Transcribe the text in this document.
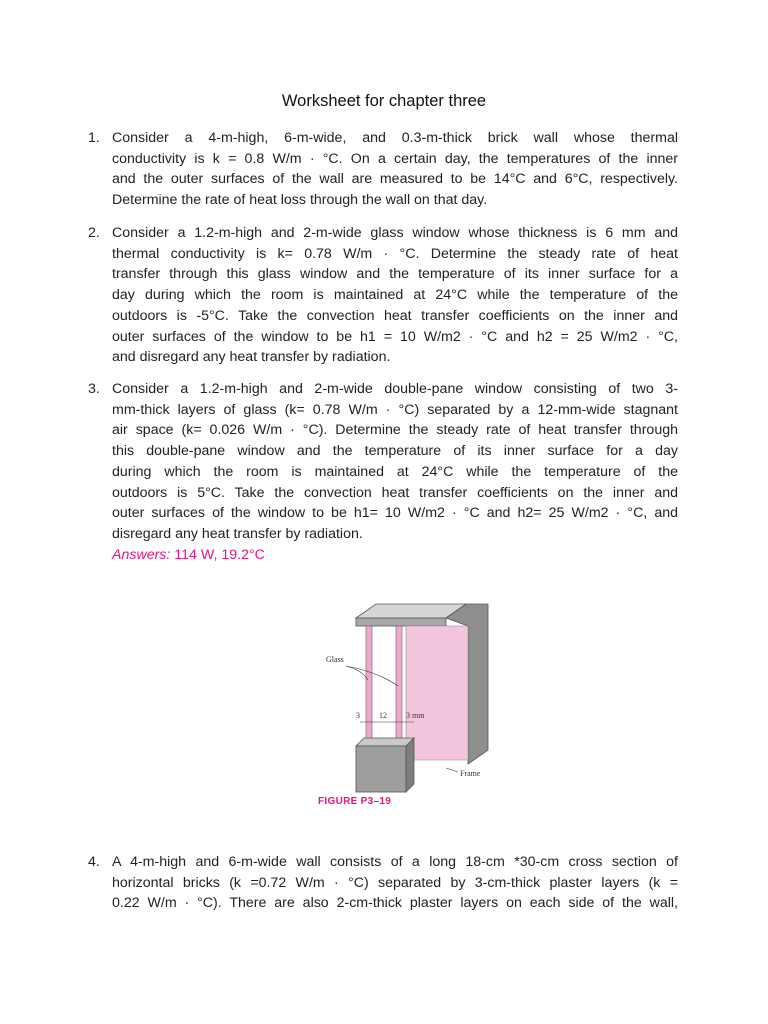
Worksheet for chapter three
1. Consider a 4-m-high, 6-m-wide, and 0.3-m-thick brick wall whose thermal
conductivity is k = 0.8 W/m · °C. On a certain day, the temperatures of the inner
and the outer surfaces of the wall are measured to be 14°C and 6°C, respectively.
Determine the rate of heat loss through the wall on that day.
2. Consider a 1.2-m-high and 2-m-wide glass window whose thickness is 6 mm and
thermal conductivity is k= 0.78 W/m · °C. Determine the steady rate of heat
transfer through this glass window and the temperature of its inner surface for a
day during which the room is maintained at 24°C while the temperature of the
outdoors is -5°C. Take the convection heat transfer coefficients on the inner and
outer surfaces of the window to be h1 = 10 W/m2 · °C and h2 = 25 W/m2 · °C,
and disregard any heat transfer by radiation.
3. Consider a 1.2-m-high and 2-m-wide double-pane window consisting of two 3-
mm-thick layers of glass (k= 0.78 W/m · °C) separated by a 12-mm-wide stagnant
air space (k= 0.026 W/m · °C). Determine the steady rate of heat transfer through
this double-pane window and the temperature of its inner surface for a day
during which the room is maintained at 24°C while the temperature of the
outdoors is 5°C. Take the convection heat transfer coefficients on the inner and
outer surfaces of the window to be h1= 10 W/m2 · °C and h2= 25 W/m2 · °C, and
disregard any heat transfer by radiation.
Answers: 114 W, 19.2°C
Glass
3 12 3 mm
Frame
FIGURE P3–19
4. A 4-m-high and 6-m-wide wall consists of a long 18-cm *30-cm cross section of
horizontal bricks (k =0.72 W/m · °C) separated by 3-cm-thick plaster layers (k =
0.22 W/m · °C). There are also 2-cm-thick plaster layers on each side of the wall,
